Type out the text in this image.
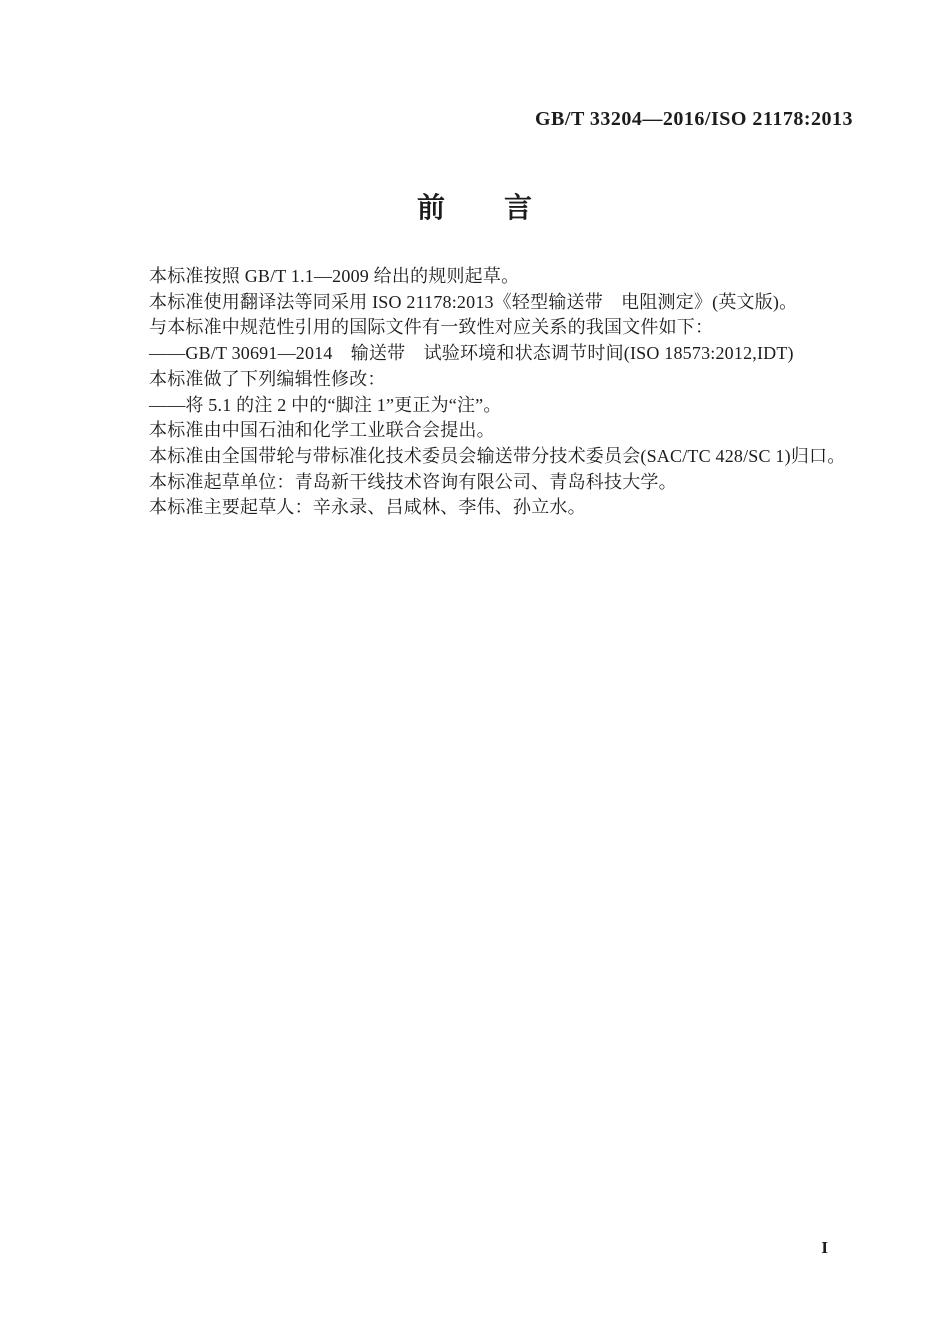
GB/T 33204—2016/ISO 21178:2013
前　　言

本标准按照 GB/T 1.1—2009 给出的规则起草。

本标准使用翻译法等同采用 ISO 21178:2013《轻型输送带　电阻测定》(英文版)。

与本标准中规范性引用的国际文件有一致性对应关系的我国文件如下：

——GB/T 30691—2014　输送带　试验环境和状态调节时间(ISO 18573:2012,IDT)

本标准做了下列编辑性修改：

——将 5.1 的注 2 中的“脚注 1”更正为“注”。

本标准由中国石油和化学工业联合会提出。

本标准由全国带轮与带标准化技术委员会输送带分技术委员会(SAC/TC 428/SC 1)归口。

本标准起草单位：青岛新干线技术咨询有限公司、青岛科技大学。

本标准主要起草人：辛永录、吕咸林、李伟、孙立水。

I
